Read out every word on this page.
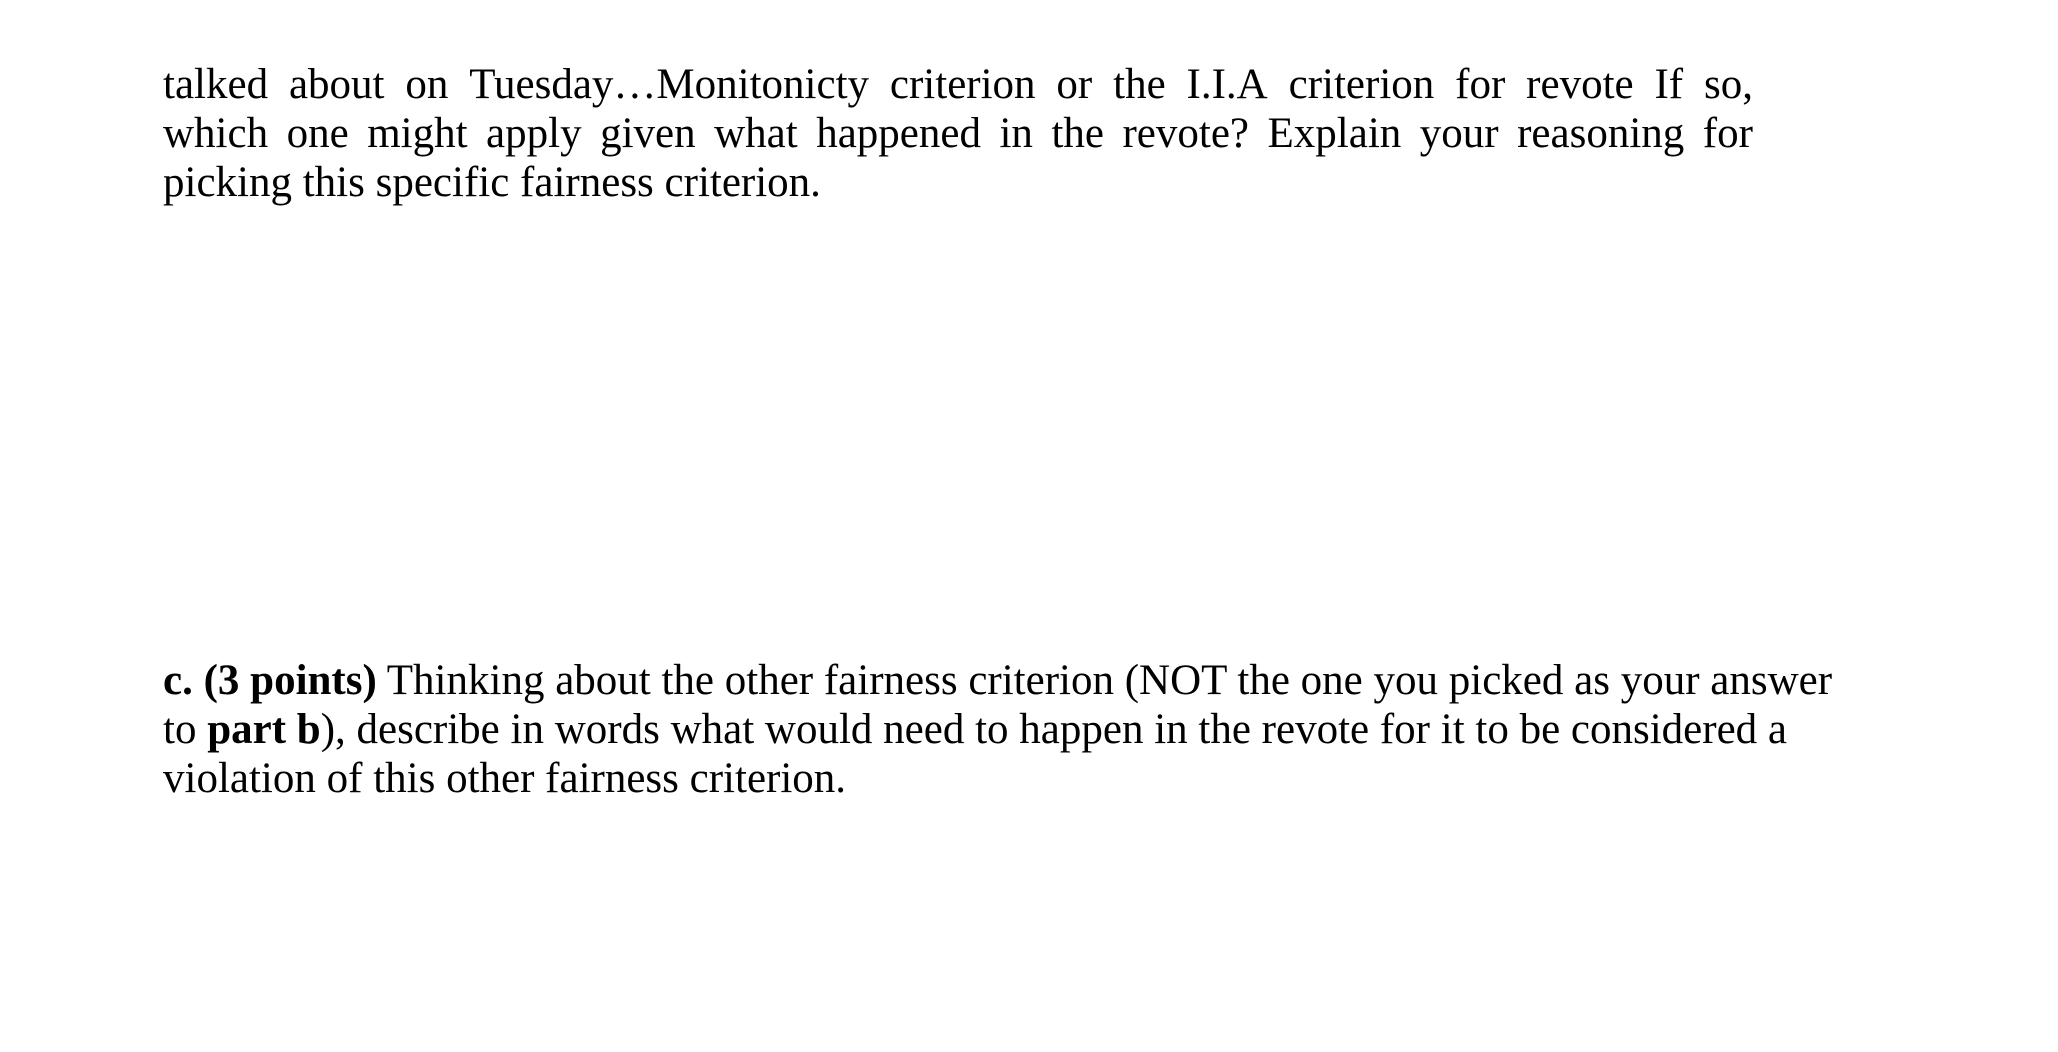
talked about on Tuesday…Monitonicty criterion or the I.I.A criterion for revote If so,
which one might apply given what happened in the revote? Explain your reasoning for
picking this specific fairness criterion.

c. (3 points) Thinking about the other fairness criterion (NOT the one you picked as your answer
to part b), describe in words what would need to happen in the revote for it to be considered a
violation of this other fairness criterion.
